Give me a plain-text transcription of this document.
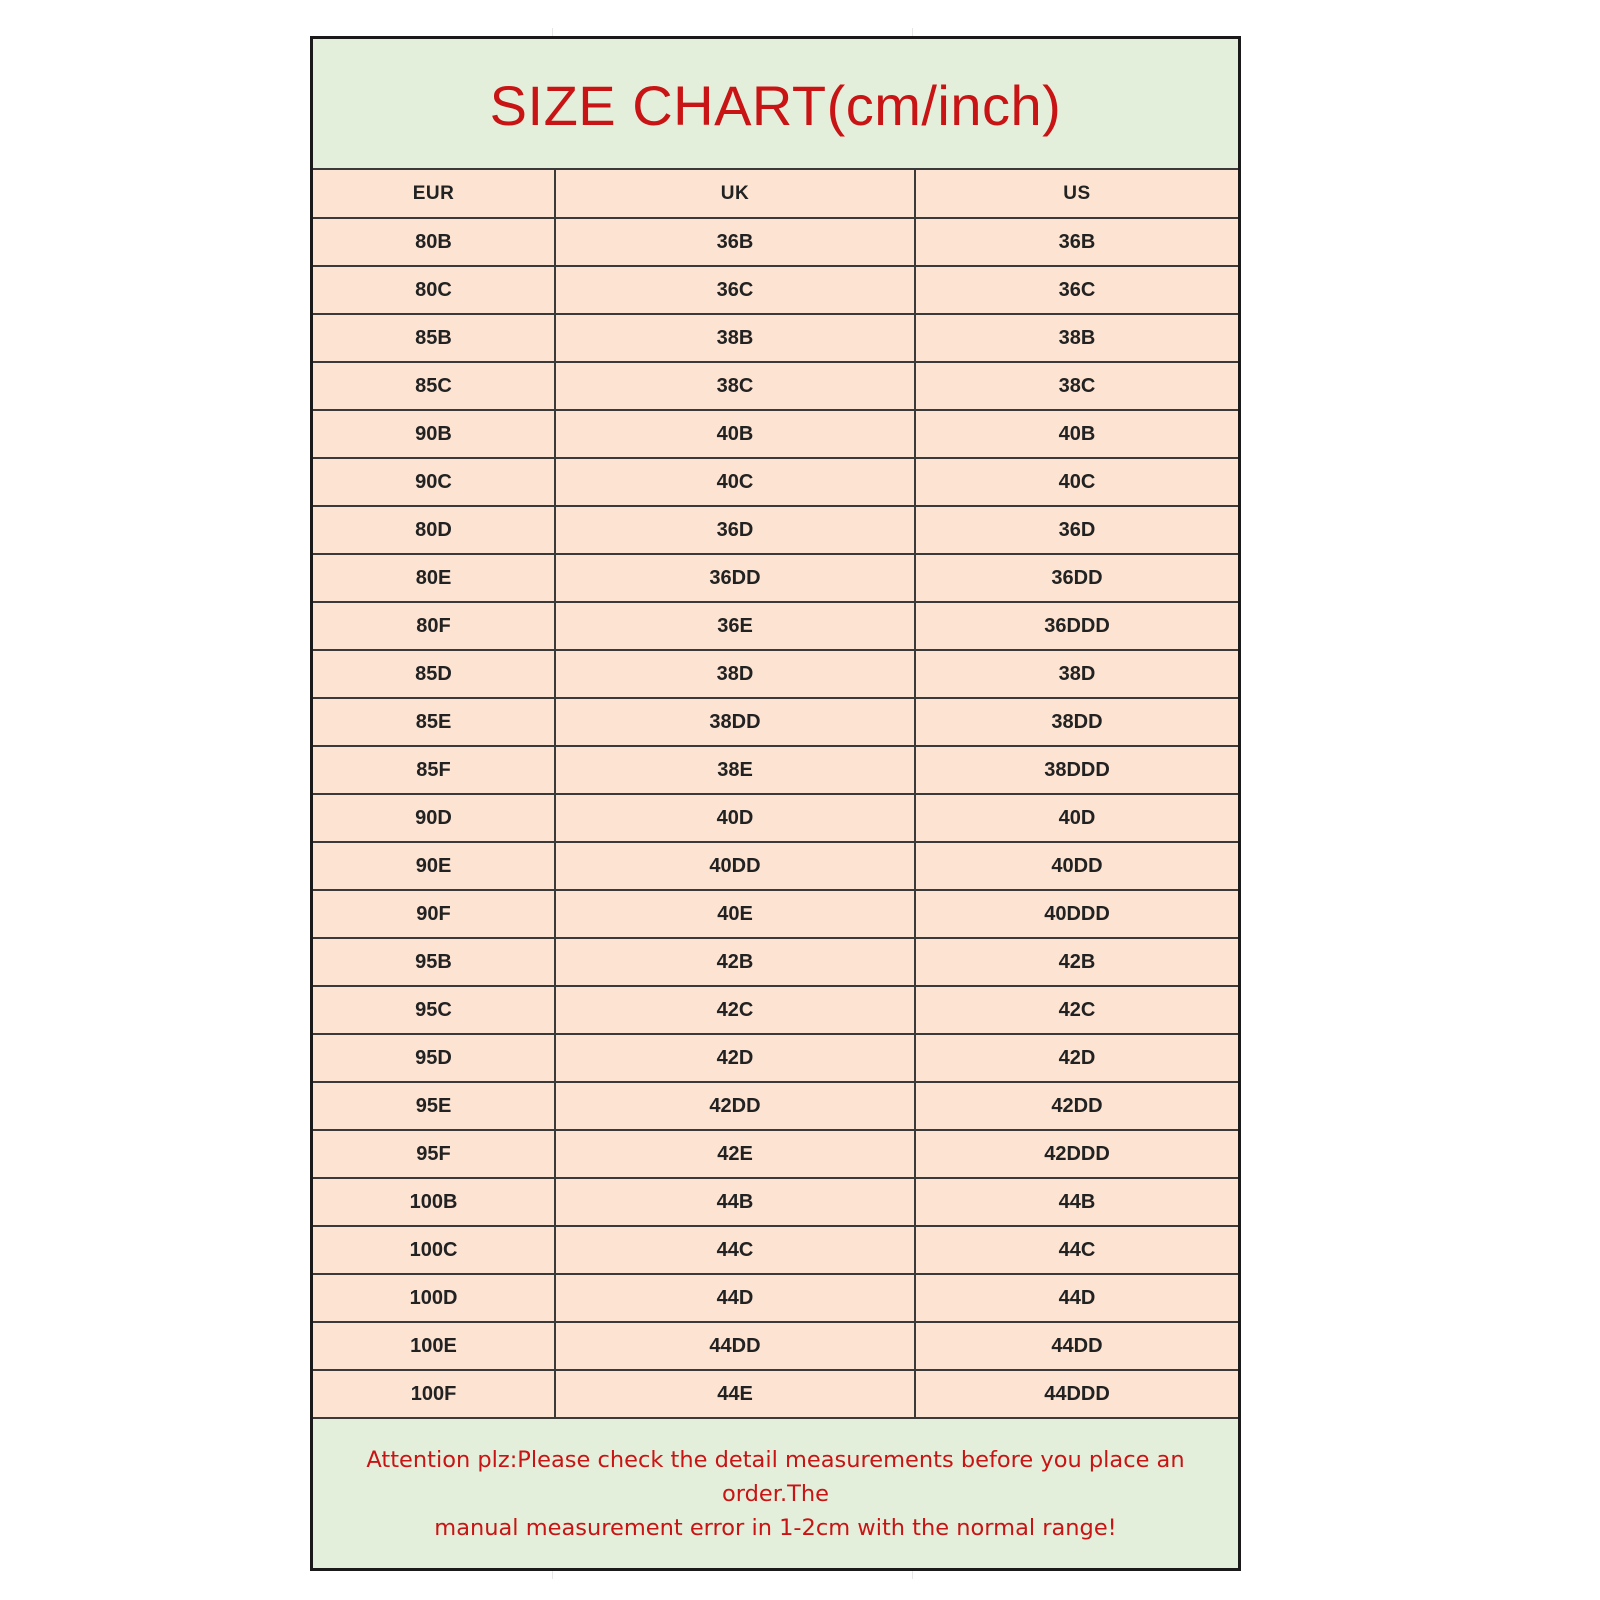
SIZE CHART(cm/inch)
EUR	UK	US
80B	36B	36B
80C	36C	36C
85B	38B	38B
85C	38C	38C
90B	40B	40B
90C	40C	40C
80D	36D	36D
80E	36DD	36DD
80F	36E	36DDD
85D	38D	38D
85E	38DD	38DD
85F	38E	38DDD
90D	40D	40D
90E	40DD	40DD
90F	40E	40DDD
95B	42B	42B
95C	42C	42C
95D	42D	42D
95E	42DD	42DD
95F	42E	42DDD
100B	44B	44B
100C	44C	44C
100D	44D	44D
100E	44DD	44DD
100F	44E	44DDD
Attention plz:Please check the detail measurements before you place an order.The
manual measurement error in 1-2cm with the normal range!
